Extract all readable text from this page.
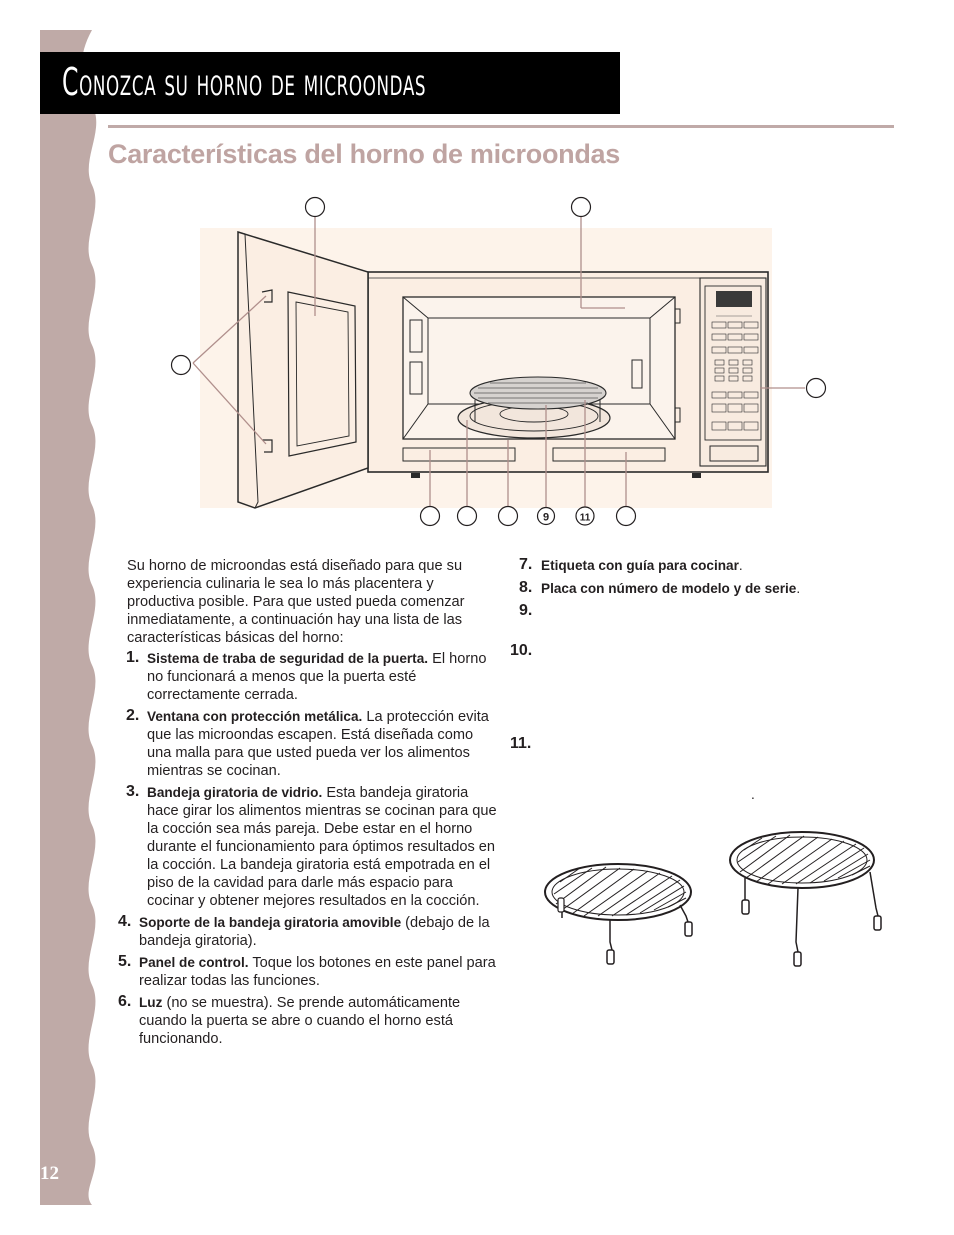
12
Conozca su horno de microondas
Características del horno de microondas
9	11

Su horno de microondas está diseñado para que su experiencia culinaria le sea lo más placentera y productiva posible. Para que usted pueda comenzar inmediatamente, a continuación hay una lista de las características básicas del horno:

1. Sistema de traba de seguridad de la puerta. El horno no funcionará a menos que la puerta esté correctamente cerrada.
2. Ventana con protección metálica. La protección evita que las microondas escapen. Está diseñada como una malla para que usted pueda ver los alimentos mientras se cocinan.
3. Bandeja giratoria de vidrio. Esta bandeja giratoria hace girar los alimentos mientras se cocinan para que la cocción sea más pareja. Debe estar en el horno durante el funcionamiento para óptimos resultados en la cocción. La bandeja giratoria está empotrada en el piso de la cavidad para darle más espacio para cocinar y obtener mejores resultados en la cocción.
4. Soporte de la bandeja giratoria amovible (debajo de la bandeja giratoria).
5. Panel de control. Toque los botones en este panel para realizar todas las funciones.
6. Luz (no se muestra). Se prende automáticamente cuando la puerta se abre o cuando el horno está funcionando.
7. Etiqueta con guía para cocinar.
8. Placa con número de modelo y de serie.
9.
10.
11.
.
